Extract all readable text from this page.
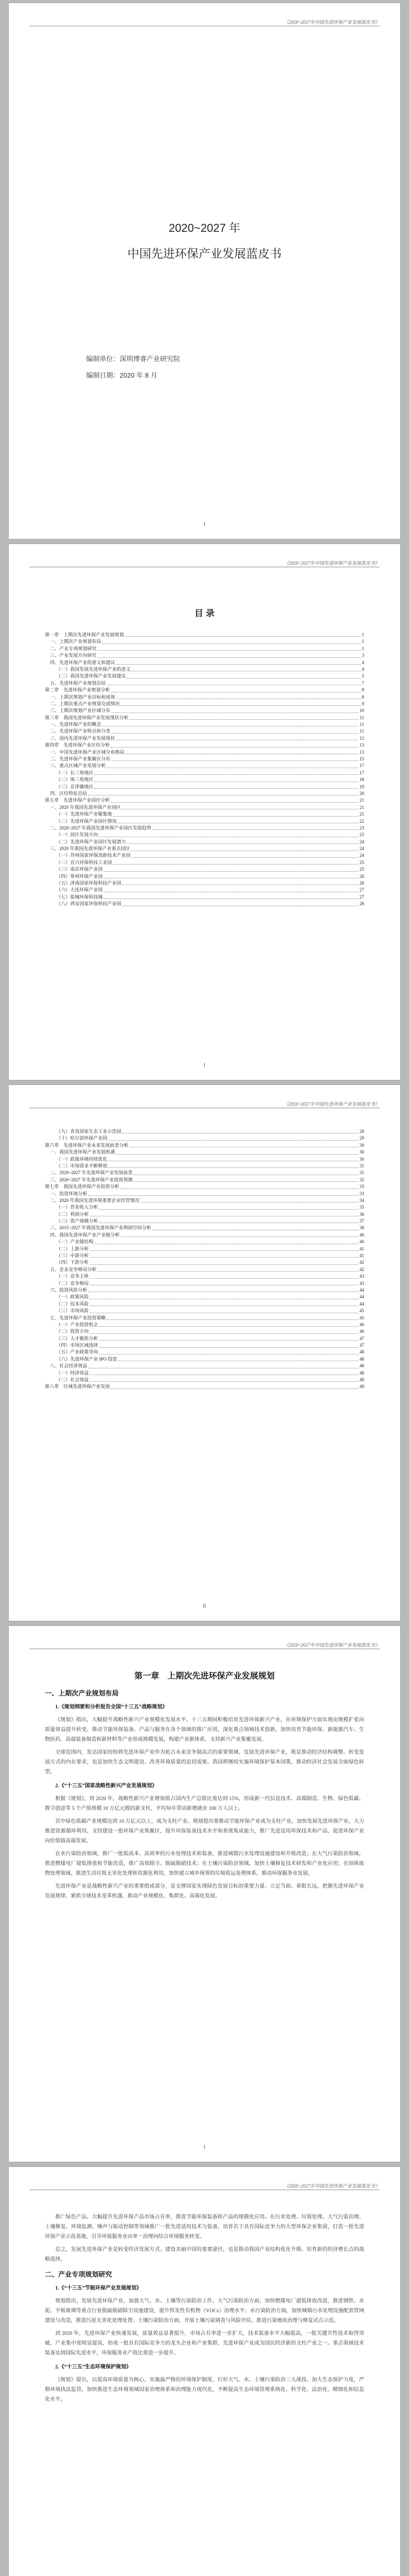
《2020~2027年中国先进环保产业发展蓝皮书》
2020~2027 年
中国先进环保产业发展蓝皮书
编制单位：深圳博睿产业研究院
编制日期：2020 年 8 月
1
《2020~2027年中国先进环保产业发展蓝皮书》
目 录
第一章　上期次先进环保产业发展规划	1
一、上期次产业规划布局	1
二、产业专项规划研究	1
三、产业发展方向研究	3
四、先进环保产业的意义和建议	4
（一）我国发展先进环保产业的意义	4
（二）我国先进环保产业发展建议	5
五、先进环保产业规划总结	7
第二章　先进环保产业规划分析	8
一、上期次规划产业目标和成效	8
二、上期次重点产业规划完成情况	9
三、上期次规划产业区域分布	10
第三章　我国先进环保产业发展现状分析	11
一、先进环保产业的概念	11
二、先进环保产业特点和分类	11
三、国内先进环保产业发展现状	12
第四章　先进环保产业区位分析	13
一、中国先进环保产业区域分布格局	13
二、先进环保产业集聚区分布	15
三、重点区域产业发展分析	17
（一）长三角地区	17
（二）珠三角地区	18
（三）京津冀地区	19
四、区位特征总结	20
第五章　先进环保产业园区分析	21
一、2020 年我国先进环保产业园区	21
（一）先进环保产业聚集地	21
（二）先进环保产业园区情况	22
二、2020~2027 年我国先进环保产业园区发展趋势	23
（一）园区发展方向	23
（二）先进环保产业园区发展潜力	24
三、2020 年我国先进环保产业重点园区	24
（一）苏州国家环保高新技术产业园	24
（二）宜兴环保科技工业园	25
（三）南京环保产业园	25
（四）常州环保产业园	26
（五）济南国家环保科技产业园	26
（六）大连环保产业园	27
（七）盐城环保科技城	27
（八）西安国家环保科技产业园	28
I
《2020~2027年中国先进环保产业发展蓝皮书》
（九）青岛国家生态工业示范园	28
（十）哈尔滨环保产业园	29
第六章　先进环保产业未来发展前景分析	30
一、我国先进环保产业发展机遇	30
（一）政策环境持续优化	30
（二）市场需求不断释放	31
二、2020~2027 年先进环保产业发展前景	31
三、2020~2027 年先进环保产业投资预测	32
第七章　我国先进环保产业投资分析	33
一、投资环境分析	33
二、2020 年我国先进环保重要企业经营情况	34
（一）营业收入分析	35
（二）利润分析	36
（三）资产规模分析	37
三、2015~2027 年我国先进环保产业利润空间分析	38
四、我国先进环保产业产业链分析	40
（一）产业链结构	40
（二）上游分析	41
（三）中游分析	41
（四）下游分析	42
五、企业竞争格局分析	42
（一）竞争主体	43
（二）竞争格局	43
六、投资风险分析	44
（一）政策风险	44
（二）技术风险	44
（三）市场风险	45
七、先进环保产业投资策略	45
（一）产业投资机会	46
（二）投资方向	46
（三）人才聚焦分析	47
（四）市场区域选择	47
（五）产业政策导向	48
（六）先进环保产业 IPO 投资	48
八、社会经济效益	48
（一）经济效益	48
（二）社会效益	49
第八章　区域先进环保产业发展	49
II
《2020~2027年中国先进环保产业发展蓝皮书》
第一章　上期次先进环保产业发展规划
一、上期次产业规划布局
1.《规划纲要和分析报告全国“十三五”战略规划》

《规划》指出，大幅提升战略性新兴产业规模化发展水平。十三五期间积极培育先进环保新兴产业，在环境保护方面实现由规模扩张向质量效益提升转变，推动节能环保装备、产品与服务在各个领域的推广应用，深化重点领域技术创新，加快培育节能环保、新能源汽车、生物医药、高端装备制造和新材料等产业形成规模发展，构建产业新体系，支持新兴产业集聚发展。

全球范围内，发达国家纷纷将先进环保产业作为抢占未来竞争制高点的重要领域。发展先进环保产业，既是推动经济结构调整、转变发展方式的内在要求，也是加快生态文明建设、改善环境质量的迫切需要。我国将继续实施环境保护基本国策，推动经济社会发展全面绿色转型。

2.《“十三五”国家战略性新兴产业发展规划》

根据《规划》，到 2020 年，战略性新兴产业增加值占国内生产总值比重达到 15%，形成新一代信息技术、高端制造、生物、绿色低碳、数字创意等 5 个产值规模 10 万亿元级的新支柱，平均每年带动新增就业 100 万人以上。

其中绿色低碳产业规模达到 10 万亿元以上，成为支柱产业。规划提出要推动节能环保产业成为支柱产业，加快发展先进环保产业，大力推进资源循环利用，支持建设一批环保产业集聚区，提升环保装备技术水平和系统集成能力，推广先进适用环保技术和产品，促进环保产业向价值链高端发展。

在水污染防治领域，推广一批低成本、高效率的污水处理技术和装备，推进城镇污水处理设施建设和升级改造；在大气污染防治领域，推进燃煤电厂超低排放和节能改造，推广高效除尘、脱硫脱硝技术；在土壤污染防治领域，加快土壤修复技术研发和产业化应用；在固体废物处理领域，推进生活垃圾无害化处理和资源化利用，加快建立城乡统筹的垃圾收运处理体系，推动环保服务业发展。

先进环保产业是战略性新兴产业的重要组成部分，是支撑国家实现绿色发展目标的重要力量。立足当前、着眼长远，把握先进环保产业发展规律，紧抓全球技术变革机遇，推动产业规模化、集群化、高端化发展。

1
《2020~2027年中国先进环保产业发展蓝皮书》

推广绿色产品。大幅提升先进环保产品市场占有率，推进节能环保装备和产品的规模化应用。在污水处理、垃圾处理、大气污染治理、土壤修复、环境监测、噪声与振动控制等领域推广一批先进适用技术与装备，培育若干具有国际竞争力的大型环保企业集团，打造一批先进环保产业示范基地，引导环保服务业由单一治理向综合环境服务转变。

总之，发展先进环保产业是转变经济发展方式、建设美丽中国的重要途径，也是推动我国产业结构优化升级、培育新的经济增长点的战略选择。

二、产业专项规划研究
1.《“十三五”节能环保产业发展规划》

规划指出，发展先进环保产业，加强大气、水、土壤等污染防治工作，大气污染防治方面，加快燃煤电厂超低排放改造，推进钢铁、水泥、平板玻璃等重点行业脱硫脱硝除尘设施建设，提升挥发性有机物（VOCs）治理水平；水污染防治方面，加快城镇污水处理设施配套管网建设与改造，推进污泥无害化处理处置；土壤污染防治方面，开展土壤污染调查与风险评估，推进污染地块治理与修复试点示范。

到 2020 年，先进环保产业快速发展，质量效益显著提升，市场占有率进一步扩大，技术装备水平大幅提高，一批关键共性技术取得突破，产业集中度明显提高，形成一批具有国际竞争力的龙头企业和产业集群，先进环保产业成为国民经济新的支柱产业之一。重点领域技术装备达到国际先进水平，环保服务业产值比重进一步提升。

2.《“十三五”生态环境保护规划》

《规划》提出，以提高环境质量为核心，实施最严格的环境保护制度，打好大气、水、土壤污染防治三大战役，加大生态保护力度，严格环境执法监管，加快推进生态环境领域国家治理体系和治理能力现代化，不断提高生态环境管理系统化、科学化、法治化、精细化和信息化水平。
